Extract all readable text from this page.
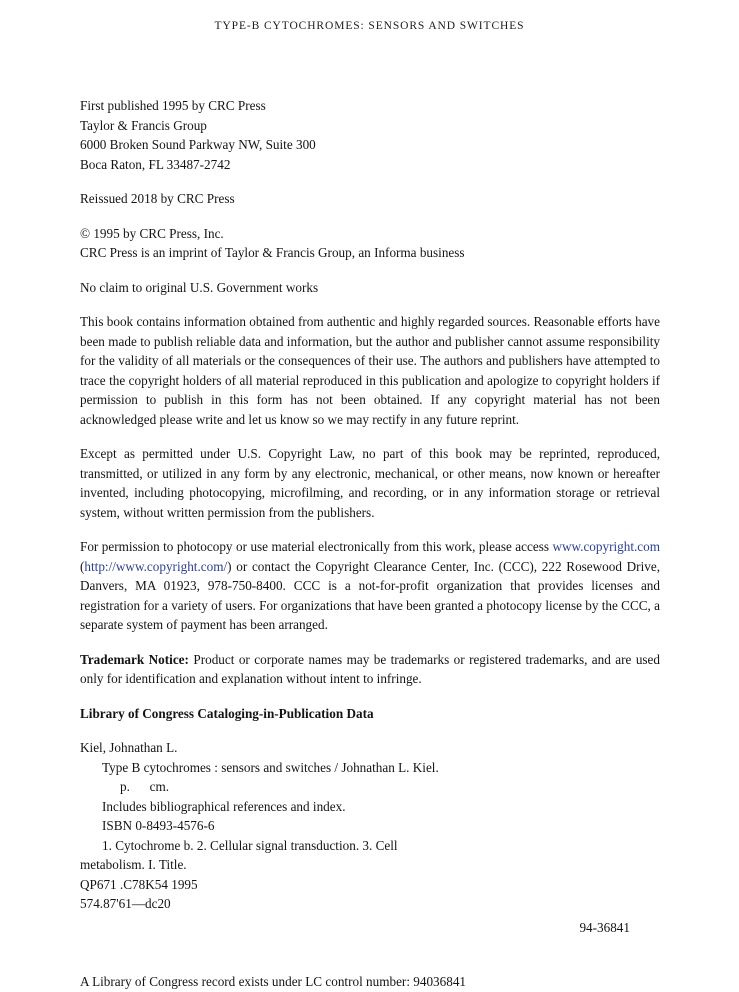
TYPE-B CYTOCHROMES: SENSORS AND SWITCHES
First published 1995 by CRC Press
Taylor & Francis Group
6000 Broken Sound Parkway NW, Suite 300
Boca Raton, FL 33487-2742
Reissued 2018 by CRC Press
© 1995 by CRC Press, Inc.
CRC Press is an imprint of Taylor & Francis Group, an Informa business
No claim to original U.S. Government works
This book contains information obtained from authentic and highly regarded sources. Reasonable efforts have been made to publish reliable data and information, but the author and publisher cannot assume responsibility for the validity of all materials or the consequences of their use. The authors and publishers have attempted to trace the copyright holders of all material reproduced in this publication and apologize to copyright holders if permission to publish in this form has not been obtained. If any copyright material has not been acknowledged please write and let us know so we may rectify in any future reprint.
Except as permitted under U.S. Copyright Law, no part of this book may be reprinted, reproduced, transmitted, or utilized in any form by any electronic, mechanical, or other means, now known or hereafter invented, including photocopying, microfilming, and recording, or in any information storage or retrieval system, without written permission from the publishers.
For permission to photocopy or use material electronically from this work, please access www.copyright.com (http://www.copyright.com/) or contact the Copyright Clearance Center, Inc. (CCC), 222 Rosewood Drive, Danvers, MA 01923, 978-750-8400. CCC is a not-for-profit organization that provides licenses and registration for a variety of users. For organizations that have been granted a photocopy license by the CCC, a separate system of payment has been arranged.
Trademark Notice: Product or corporate names may be trademarks or registered trademarks, and are used only for identification and explanation without intent to infringe.
Library of Congress Cataloging-in-Publication Data
Kiel, Johnathan L.
Type B cytochromes : sensors and switches / Johnathan L. Kiel.
p.      cm.
Includes bibliographical references and index.
ISBN 0-8493-4576-6
1. Cytochrome b. 2. Cellular signal transduction. 3. Cell
metabolism. I. Title.
QP671 .C78K54 1995
574.87'61—dc20
94-36841
A Library of Congress record exists under LC control number: 94036841
